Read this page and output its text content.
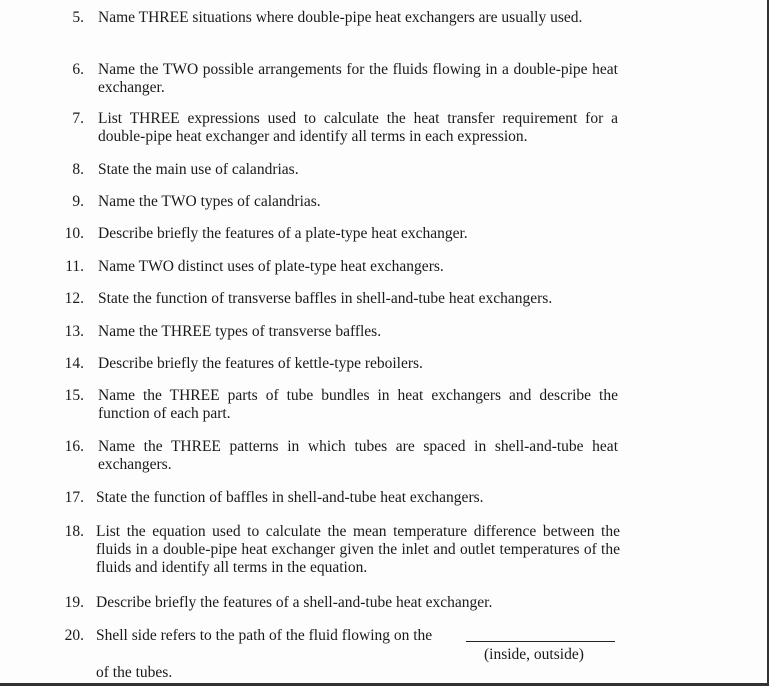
5. Name THREE situations where double-pipe heat exchangers are usually used.
6. Name the TWO possible arrangements for the fluids flowing in a double-pipe heat exchanger.
7. List THREE expressions used to calculate the heat transfer requirement for a double-pipe heat exchanger and identify all terms in each expression.
8. State the main use of calandrias.
9. Name the TWO types of calandrias.
10. Describe briefly the features of a plate-type heat exchanger.
11. Name TWO distinct uses of plate-type heat exchangers.
12. State the function of transverse baffles in shell-and-tube heat exchangers.
13. Name the THREE types of transverse baffles.
14. Describe briefly the features of kettle-type reboilers.
15. Name the THREE parts of tube bundles in heat exchangers and describe the function of each part.
16. Name the THREE patterns in which tubes are spaced in shell-and-tube heat exchangers.
17. State the function of baffles in shell-and-tube heat exchangers.
18. List the equation used to calculate the mean temperature difference between the fluids in a double-pipe heat exchanger given the inlet and outlet temperatures of the fluids and identify all terms in the equation.
19. Describe briefly the features of a shell-and-tube heat exchanger.
20. Shell side refers to the path of the fluid flowing on the
(inside, outside)
of the tubes.
